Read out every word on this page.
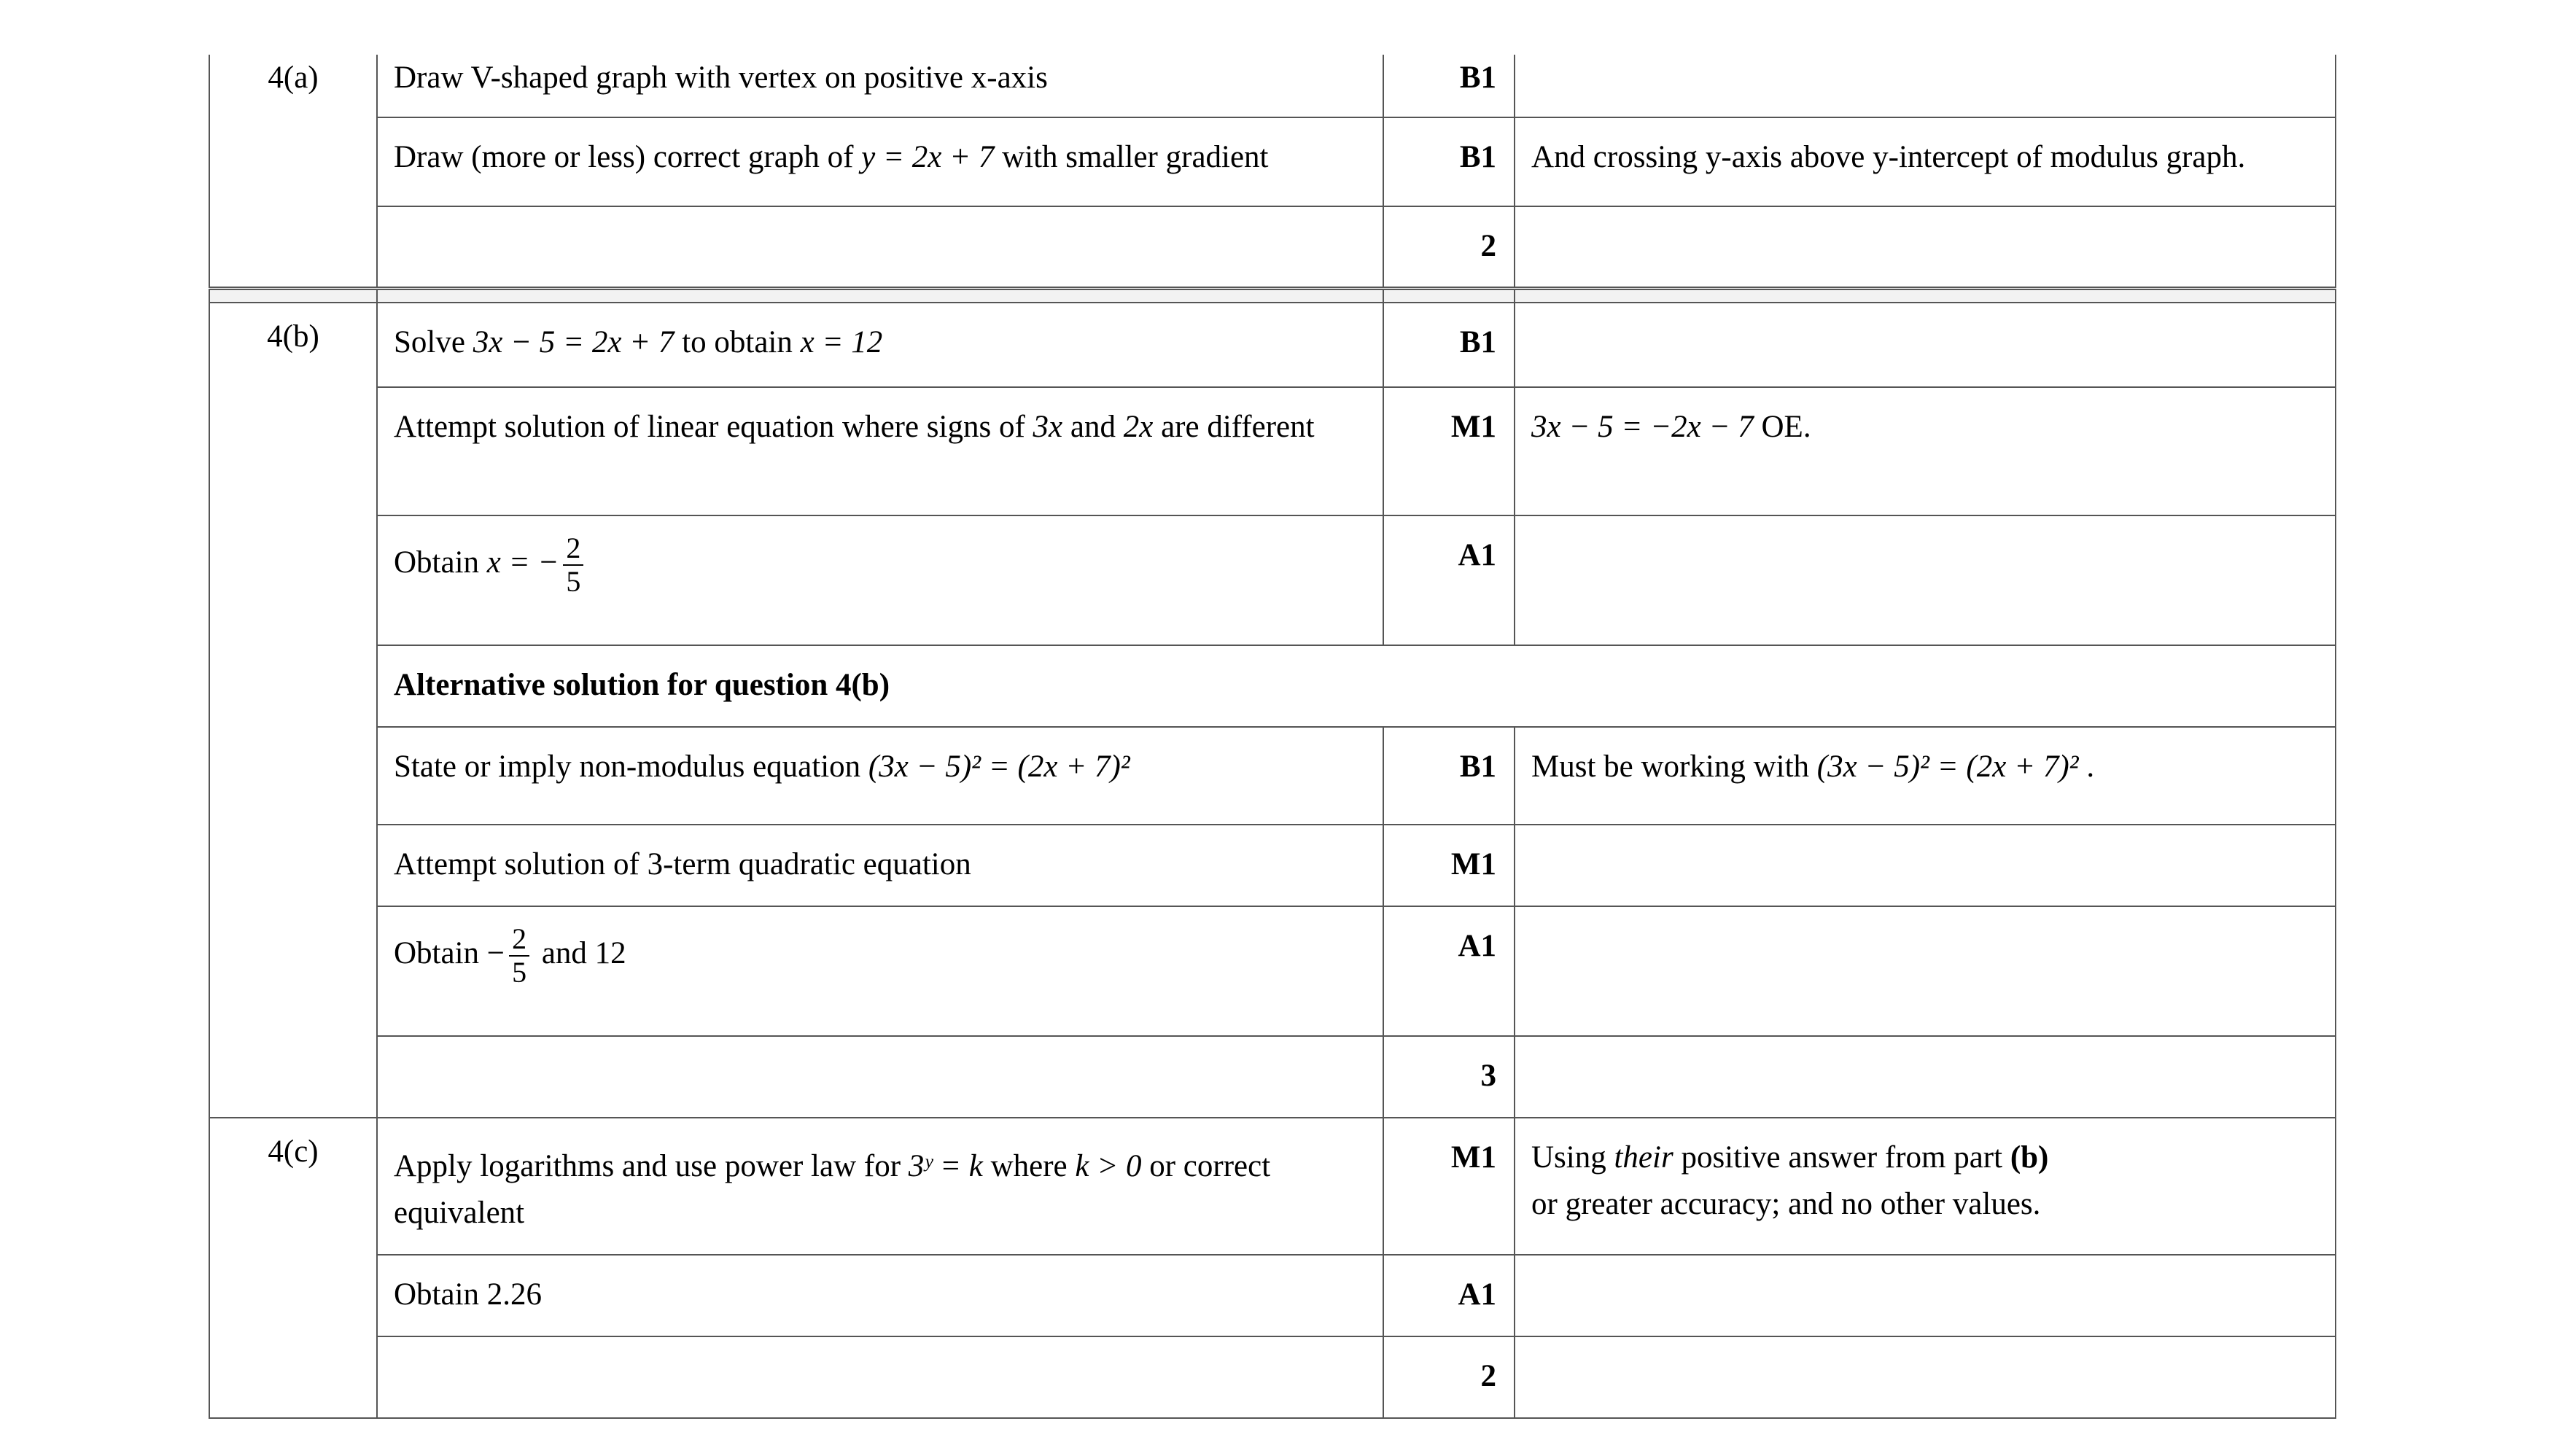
4(a)	Draw V-shaped graph with vertex on positive x-axis	B1	
	Draw (more or less) correct graph of y = 2x + 7 with smaller gradient	B1	And crossing y-axis above y-intercept of modulus graph.
		2	

4(b)	Solve 3x − 5 = 2x + 7 to obtain x = 12	B1	
	Attempt solution of linear equation where signs of 3x and 2x are different	M1	3x − 5 = −2x − 7 OE.
	Obtain x = − $\frac{2}{5}$	A1	
	Alternative solution for question 4(b)		
	State or imply non-modulus equation (3x − 5)² = (2x + 7)²	B1	Must be working with (3x − 5)² = (2x + 7)² .
	Attempt solution of 3-term quadratic equation	M1	
	Obtain − $\frac{2}{5}$ and 12	A1	
		3	

4(c)	Apply logarithms and use power law for 3ʸ = k where k > 0 or correct equivalent	M1	Using their positive answer from part (b)
or greater accuracy; and no other values.
	Obtain 2.26	A1	
		2	
